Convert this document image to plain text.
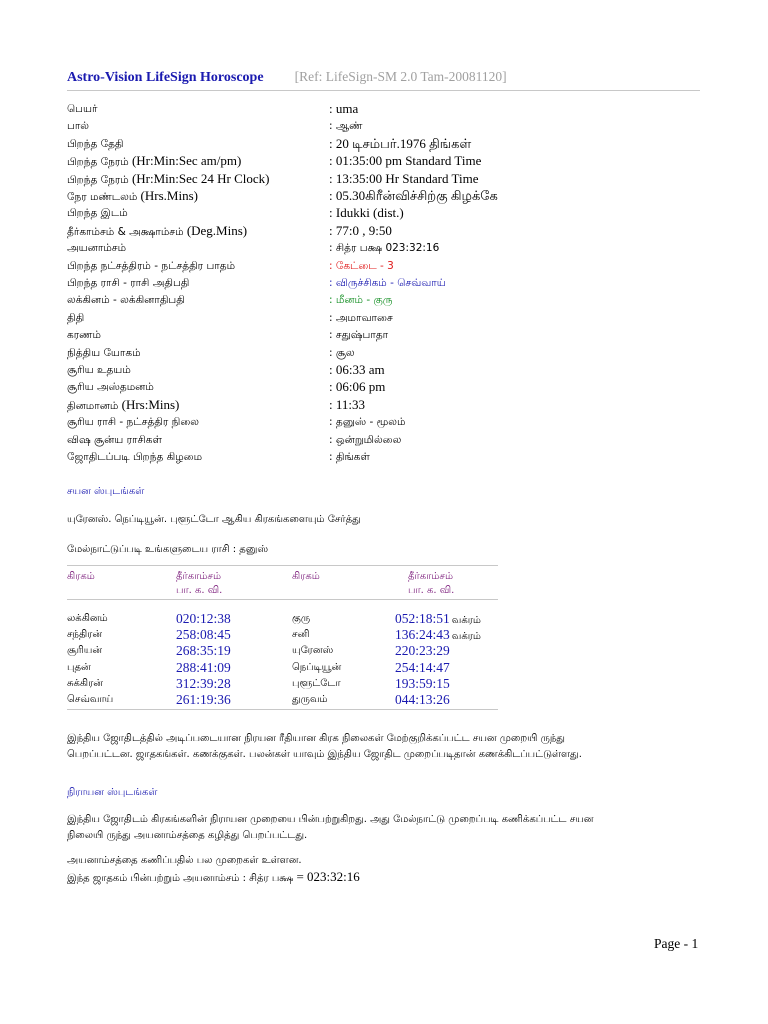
Astro-Vision LifeSign Horoscope [Ref: LifeSign-SM 2.0 Tam-20081120]
பெயர்	: uma
பால்	: ஆண்
பிறந்த தேதி	: 20 டிசம்பர்.1976 திங்கள்
பிறந்த நேரம் (Hr:Min:Sec am/pm)	: 01:35:00 pm Standard Time
பிறந்த நேரம் (Hr:Min:Sec 24 Hr Clock)	: 13:35:00 Hr Standard Time
நேர மண்டலம் (Hrs.Mins)	: 05.30கிரீன்விச்சிற்கு கிழக்கே
பிறந்த இடம்	: Idukki (dist.)
தீர்காம்சம் & அக்ஷாம்சம் (Deg.Mins)	: 77:0 , 9:50
அயனாம்சம்	: சித்ர பக்ஷ 023:32:16
பிறந்த நட்சத்திரம் - நட்சத்திர பாதம்	: கேட்டை - 3
பிறந்த ராசி - ராசி அதிபதி	: விருச்சிகம் - செவ்வாய்
லக்கினம் - லக்கினாதிபதி	: மீனம் - குரு
திதி	: அமாவாசை
கரணம்	: சதுஷ்பாதா
நித்திய யோகம்	: சூல
சூரிய உதயம்	: 06:33 am
சூரிய அஸ்தமனம்	: 06:06 pm
தினமானம் (Hrs:Mins)	: 11:33
சூரிய ராசி - நட்சத்திர நிலை	: தனுஸ் - மூலம்
விஷ சூன்ய ராசிகள்	: ஒன்றுமில்லை
ஜோதிடப்படி பிறந்த கிழமை	: திங்கள்
சயன ஸ்புடங்கள்
யுரேனஸ். நெப்டியூன். புளூட்டோ ஆகிய கிரகங்களையும் சேர்த்து
மேல்நாட்டுப்படி உங்களுடைய ராசி : தனுஸ்
கிரகம்	தீர்காம்சம்
பா. க. வி.
கிரகம்	தீர்காம்சம்
பா. க. வி.
லக்கினம்	020:12:38	குரு	052:18:51 வக்ரம்
சந்திரன்	258:08:45	சனி	136:24:43 வக்ரம்
சூரியன்	268:35:19	யுரேனஸ்	220:23:29
புதன்	288:41:09	நெப்டியூன்	254:14:47
சுக்கிரன்	312:39:28	புளூட்டோ	193:59:15
செவ்வாய்	261:19:36	துருவம்	044:13:26
இந்திய ஜோதிடத்தில் அடிப்படையான நிரயன ரீதியான கிரக நிலைகள் மேற்குறிக்கப்பட்ட சயன முறையி ருந்து
பெறப்பட்டன. ஜாதகங்கள். கணக்குகள். பலன்கள் யாவும் இந்திய ஜோதிட முறைப்படிதான் கணக்கிடப்பட்டுள்ளது.
நிராயன ஸ்புடங்கள்
இந்திய ஜோதிடம் கிரகங்களின் நிராயன முறையை பின்பற்றுகிறது. அது மேல்நாட்டு முறைப்படி கணிக்கப்பட்ட சயன
நிலையி ருந்து அயனாம்சத்தை கழித்து பெறப்பட்டது.
அயனாம்சத்தை கணிப்பதில் பல முறைகள் உள்ளன.
இந்த ஜாதகம் பின்பற்றும் அயனாம்சம் : சித்ர பக்ஷ = 023:32:16
Page - 1
